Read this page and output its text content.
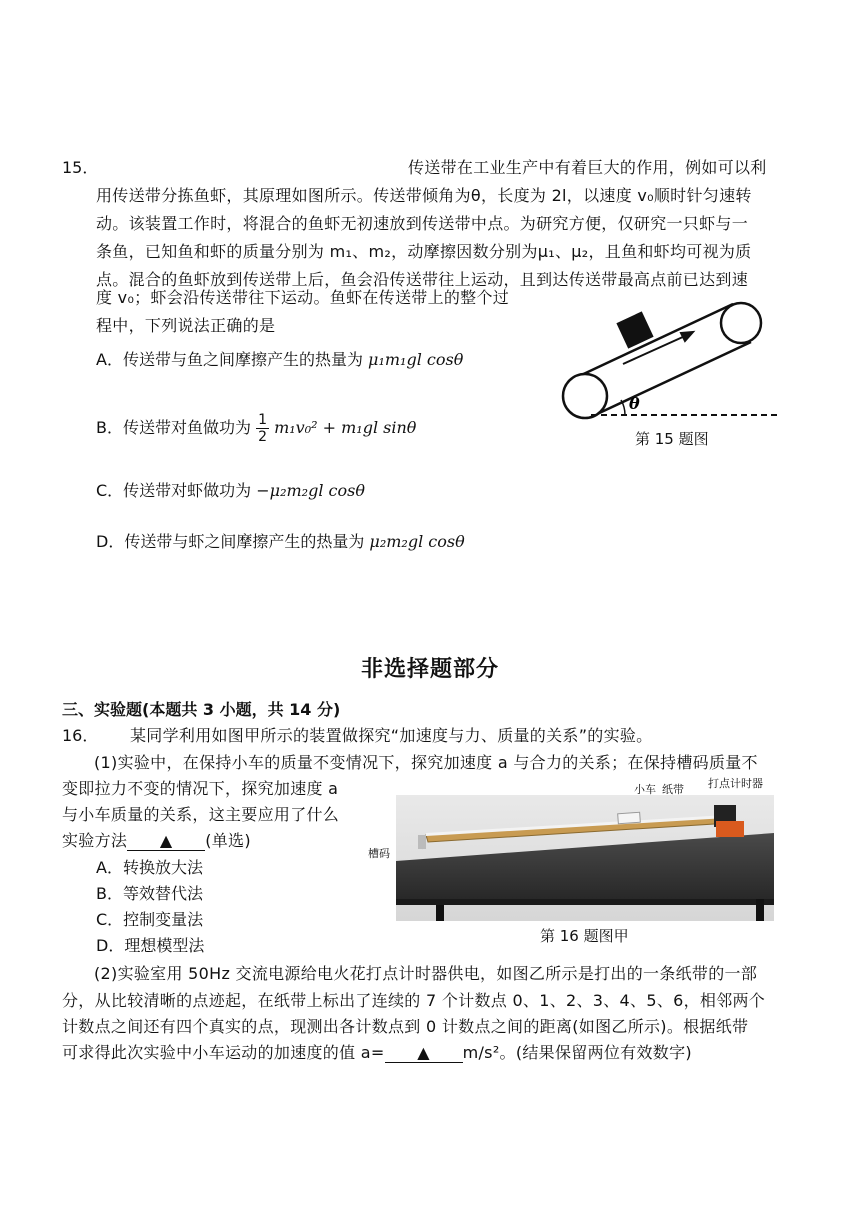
15．	传送带在工业生产中有着巨大的作用，例如可以利
用传送带分拣鱼虾，其原理如图所示。传送带倾角为θ，长度为 2l，以速度 v₀顺时针匀速转
动。该装置工作时，将混合的鱼虾无初速放到传送带中点。为研究方便，仅研究一只虾与一
条鱼，已知鱼和虾的质量分别为 m₁、m₂，动摩擦因数分别为μ₁、μ₂，且鱼和虾均可视为质
点。混合的鱼虾放到传送带上后，鱼会沿传送带往上运动，且到达传送带最高点前已达到速
度 v₀；虾会沿传送带往下运动。鱼虾在传送带上的整个过
程中，下列说法正确的是
A．传送带与鱼之间摩擦产生的热量为 μ₁m₁gl cosθ
B．传送带对鱼做功为 $\frac{1}{2} m_1v_0^2 + m_1gl$ sinθ
C．传送带对虾做功为 −μ₂m₂gl cosθ
D．传送带与虾之间摩擦产生的热量为 μ₂m₂gl cosθ
θ
第 15 题图
非选择题部分
三、实验题(本题共 3 小题，共 14 分)
16． 某同学利用如图甲所示的装置做探究“加速度与力、质量的关系”的实验。
(1)实验中，在保持小车的质量不变情况下，探究加速度 a 与合力的关系；在保持槽码质量不
变即拉力不变的情况下，探究加速度 a
与小车质量的关系，这主要应用了什么
实验方法 ▲ (单选)
A．转换放大法
B．等效替代法
C．控制变量法
D．理想模型法
小车 纸带 打点计时器
槽码
第 16 题图甲
(2)实验室用 50Hz 交流电源给电火花打点计时器供电，如图乙所示是打出的一条纸带的一部
分，从比较清晰的点迹起，在纸带上标出了连续的 7 个计数点 0、1、2、3、4、5、6，相邻两个
计数点之间还有四个真实的点，现测出各计数点到 0 计数点之间的距离(如图乙所示)。根据纸带
可求得此次实验中小车运动的加速度的值 a= ▲ m/s²。(结果保留两位有效数字)
